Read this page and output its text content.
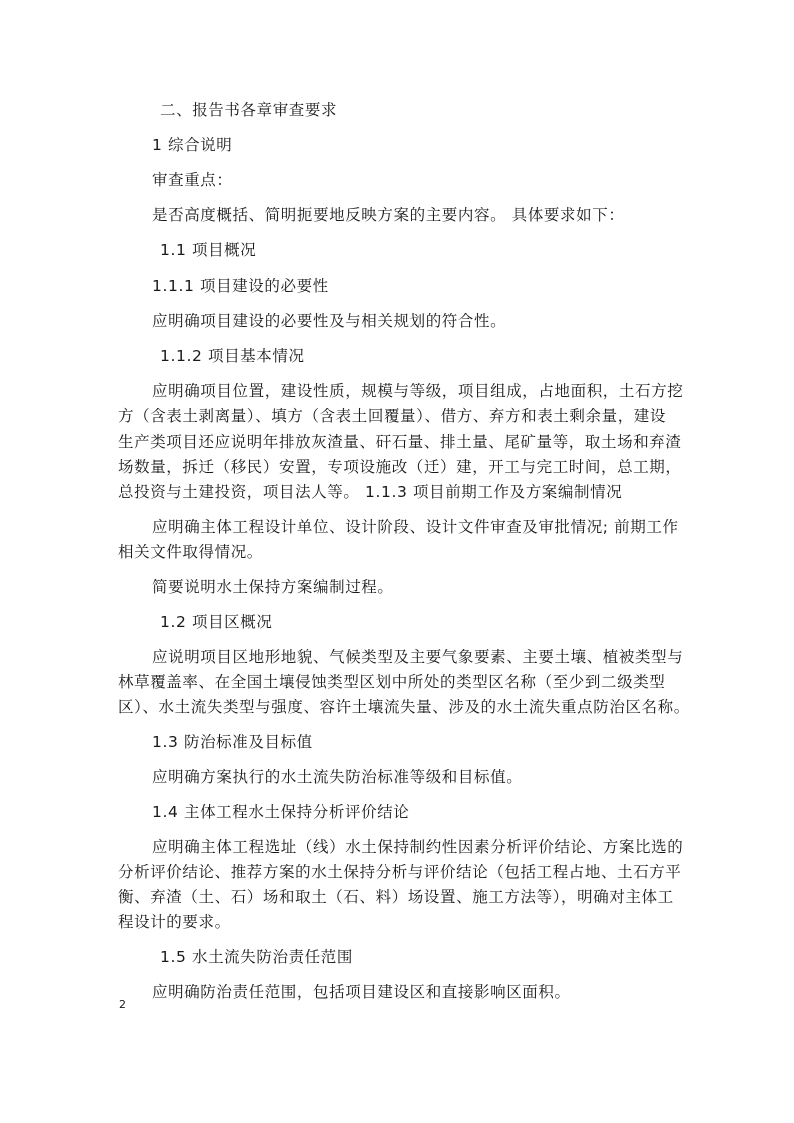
二、报告书各章审查要求
1 综合说明
审查重点：
是否高度概括、简明扼要地反映方案的主要内容。 具体要求如下：
1.1 项目概况
1.1.1 项目建设的必要性
应明确项目建设的必要性及与相关规划的符合性。
1.1.2 项目基本情况
应明确项目位置，建设性质，规模与等级，项目组成，占地面积，土石方挖
方（含表土剥离量）、填方（含表土回覆量）、借方、弃方和表土剩余量，建设
生产类项目还应说明年排放灰渣量、矸石量、排土量、尾矿量等，取土场和弃渣
场数量，拆迁（移民）安置，专项设施改（迁）建，开工与完工时间，总工期，
总投资与土建投资，项目法人等。 1.1.3 项目前期工作及方案编制情况
应明确主体工程设计单位、设计阶段、设计文件审查及审批情况; 前期工作
相关文件取得情况。
简要说明水土保持方案编制过程。
1.2 项目区概况
应说明项目区地形地貌、气候类型及主要气象要素、主要土壤、植被类型与
林草覆盖率、在全国土壤侵蚀类型区划中所处的类型区名称（至少到二级类型
区）、水土流失类型与强度、容许土壤流失量、涉及的水土流失重点防治区名称。
1.3 防治标准及目标值
应明确方案执行的水土流失防治标准等级和目标值。
1.4 主体工程水土保持分析评价结论
应明确主体工程选址（线）水土保持制约性因素分析评价结论、方案比选的
分析评价结论、推荐方案的水土保持分析与评价结论（包括工程占地、土石方平
衡、弃渣（土、石）场和取土（石、料）场设置、施工方法等），明确对主体工
程设计的要求。
1.5 水土流失防治责任范围
应明确防治责任范围，包括项目建设区和直接影响区面积。
2
